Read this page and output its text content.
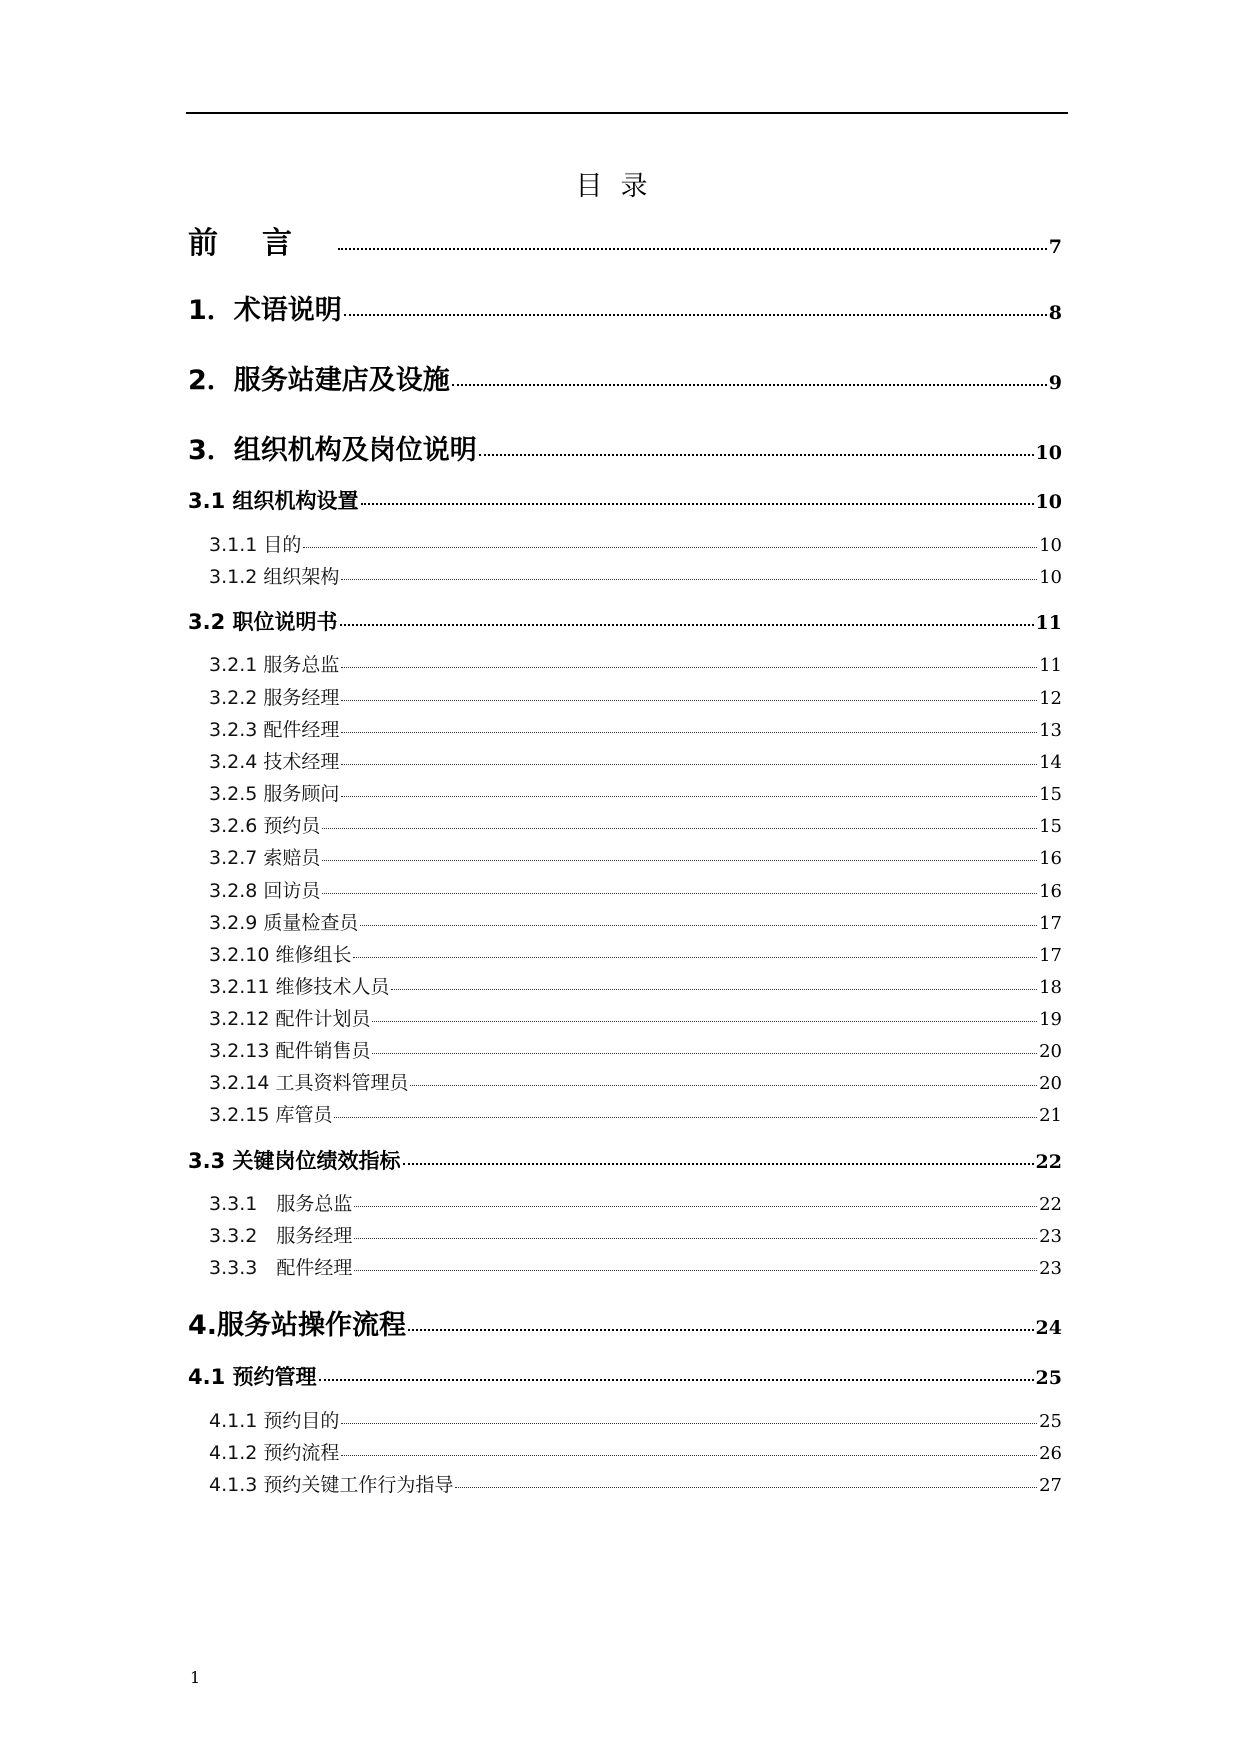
目录
前言	7
1．术语说明	8
2．服务站建店及设施	9
3．组织机构及岗位说明	10
3.1 组织机构设置	10
3.1.1 目的	10
3.1.2 组织架构	10
3.2 职位说明书	11
3.2.1 服务总监	11
3.2.2 服务经理	12
3.2.3 配件经理	13
3.2.4 技术经理	14
3.2.5 服务顾问	15
3.2.6 预约员	15
3.2.7 索赔员	16
3.2.8 回访员	16
3.2.9 质量检查员	17
3.2.10 维修组长	17
3.2.11 维修技术人员	18
3.2.12 配件计划员	19
3.2.13 配件销售员	20
3.2.14 工具资料管理员	20
3.2.15 库管员	21
3.3 关键岗位绩效指标	22
3.3.1　服务总监	22
3.3.2　服务经理	23
3.3.3　配件经理	23
4.服务站操作流程	24
4.1 预约管理	25
4.1.1 预约目的	25
4.1.2 预约流程	26
4.1.3 预约关键工作行为指导	27
1
